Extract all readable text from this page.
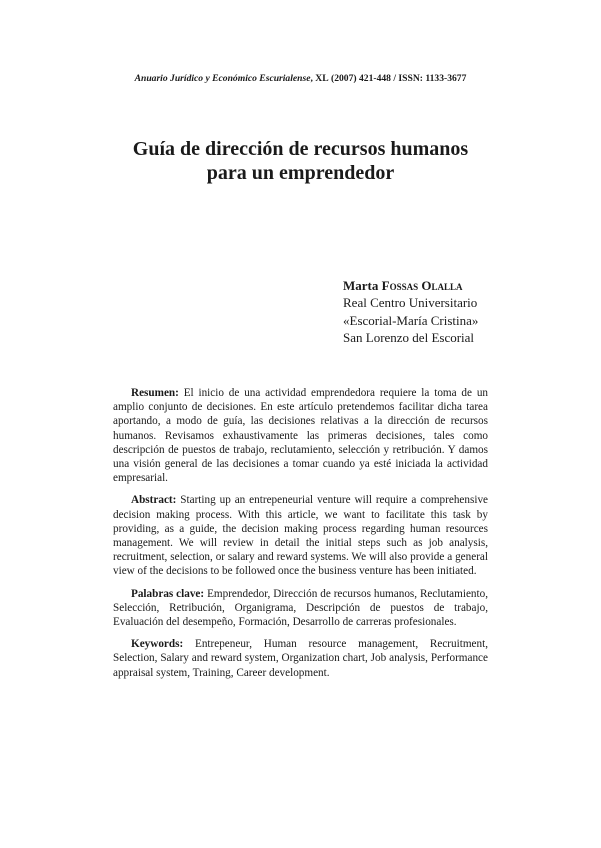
Anuario Jurídico y Económico Escurialense, XL (2007) 421-448 / ISSN: 1133-3677
Guía de dirección de recursos humanos
para un emprendedor
Marta Fossas Olalla
Real Centro Universitario
«Escorial-María Cristina»
San Lorenzo del Escorial

Resumen: El inicio de una actividad emprendedora requiere la toma de un amplio conjunto de decisiones. En este artículo pretendemos facilitar dicha tarea aportando, a modo de guía, las decisiones relativas a la dirección de recursos humanos. Revisamos exhaustivamente las primeras decisiones, tales como descripción de puestos de trabajo, reclutamiento, selección y retribución. Y damos una visión general de las decisiones a tomar cuando ya esté iniciada la actividad empresarial.

Abstract: Starting up an entrepeneurial venture will require a comprehensive decision making process. With this article, we want to facilitate this task by providing, as a guide, the decision making process regarding human resources management. We will review in detail the initial steps such as job analysis, recruitment, selection, or salary and reward systems. We will also provide a general view of the decisions to be followed once the business venture has been initiated.

Palabras clave: Emprendedor, Dirección de recursos humanos, Reclutamiento, Selección, Retribución, Organigrama, Descripción de puestos de trabajo, Evaluación del desempeño, Formación, Desarrollo de carreras profesionales.

Keywords: Entrepeneur, Human resource management, Recruitment, Selection, Salary and reward system, Organization chart, Job analysis, Performance appraisal system, Training, Career development.
